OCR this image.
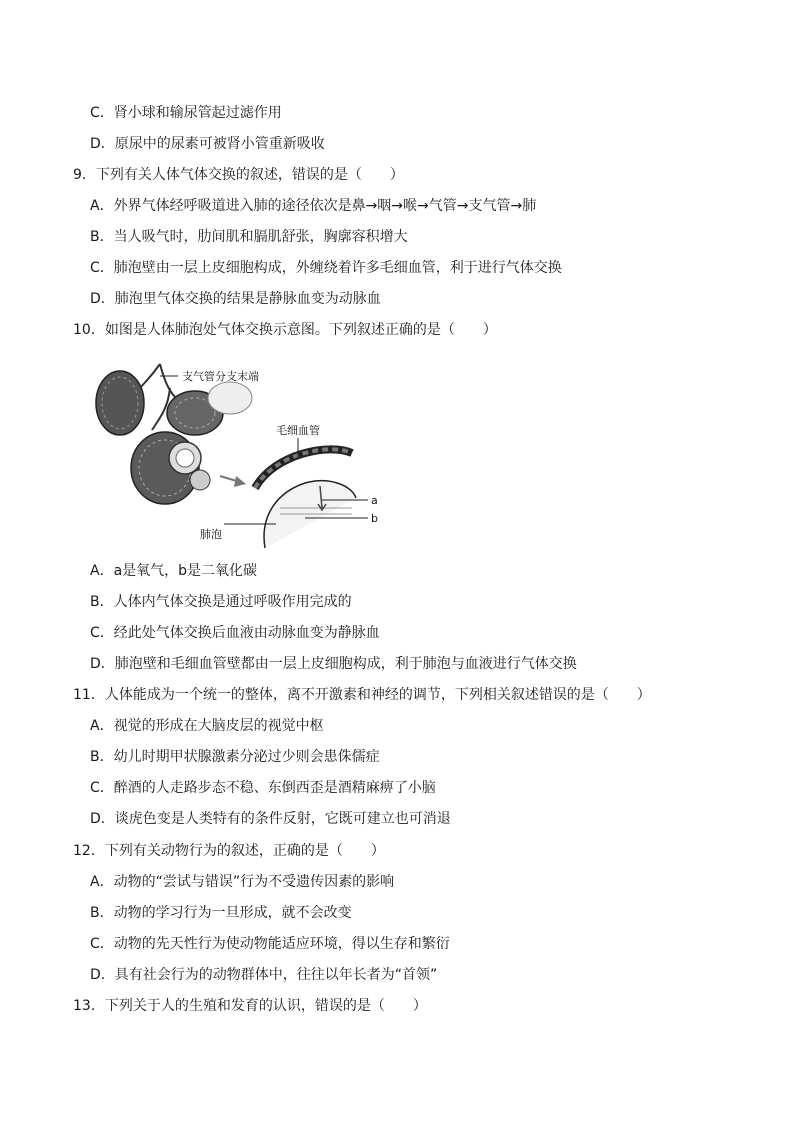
C．肾小球和输尿管起过滤作用
D．原尿中的尿素可被肾小管重新吸收
9．下列有关人体气体交换的叙述，错误的是（　　）
A．外界气体经呼吸道进入肺的途径依次是鼻→咽→喉→气管→支气管→肺
B．当人吸气时，肋间肌和膈肌舒张，胸廓容积增大
C．肺泡壁由一层上皮细胞构成，外缠绕着许多毛细血管，利于进行气体交换
D．肺泡里气体交换的结果是静脉血变为动脉血
10．如图是人体肺泡处气体交换示意图。下列叙述正确的是（　　）
支气管分支末端
毛细血管
a
b
肺泡
A．a是氧气，b是二氧化碳
B．人体内气体交换是通过呼吸作用完成的
C．经此处气体交换后血液由动脉血变为静脉血
D．肺泡壁和毛细血管壁都由一层上皮细胞构成，利于肺泡与血液进行气体交换
11．人体能成为一个统一的整体，离不开激素和神经的调节，下列相关叙述错误的是（　　）
A．视觉的形成在大脑皮层的视觉中枢
B．幼儿时期甲状腺激素分泌过少则会患侏儒症
C．醉酒的人走路步态不稳、东倒西歪是酒精麻痹了小脑
D．谈虎色变是人类特有的条件反射，它既可建立也可消退
12．下列有关动物行为的叙述，正确的是（　　）
A．动物的“尝试与错误”行为不受遗传因素的影响
B．动物的学习行为一旦形成，就不会改变
C．动物的先天性行为使动物能适应环境，得以生存和繁衍
D．具有社会行为的动物群体中，往往以年长者为“首领”
13．下列关于人的生殖和发育的认识，错误的是（　　）
